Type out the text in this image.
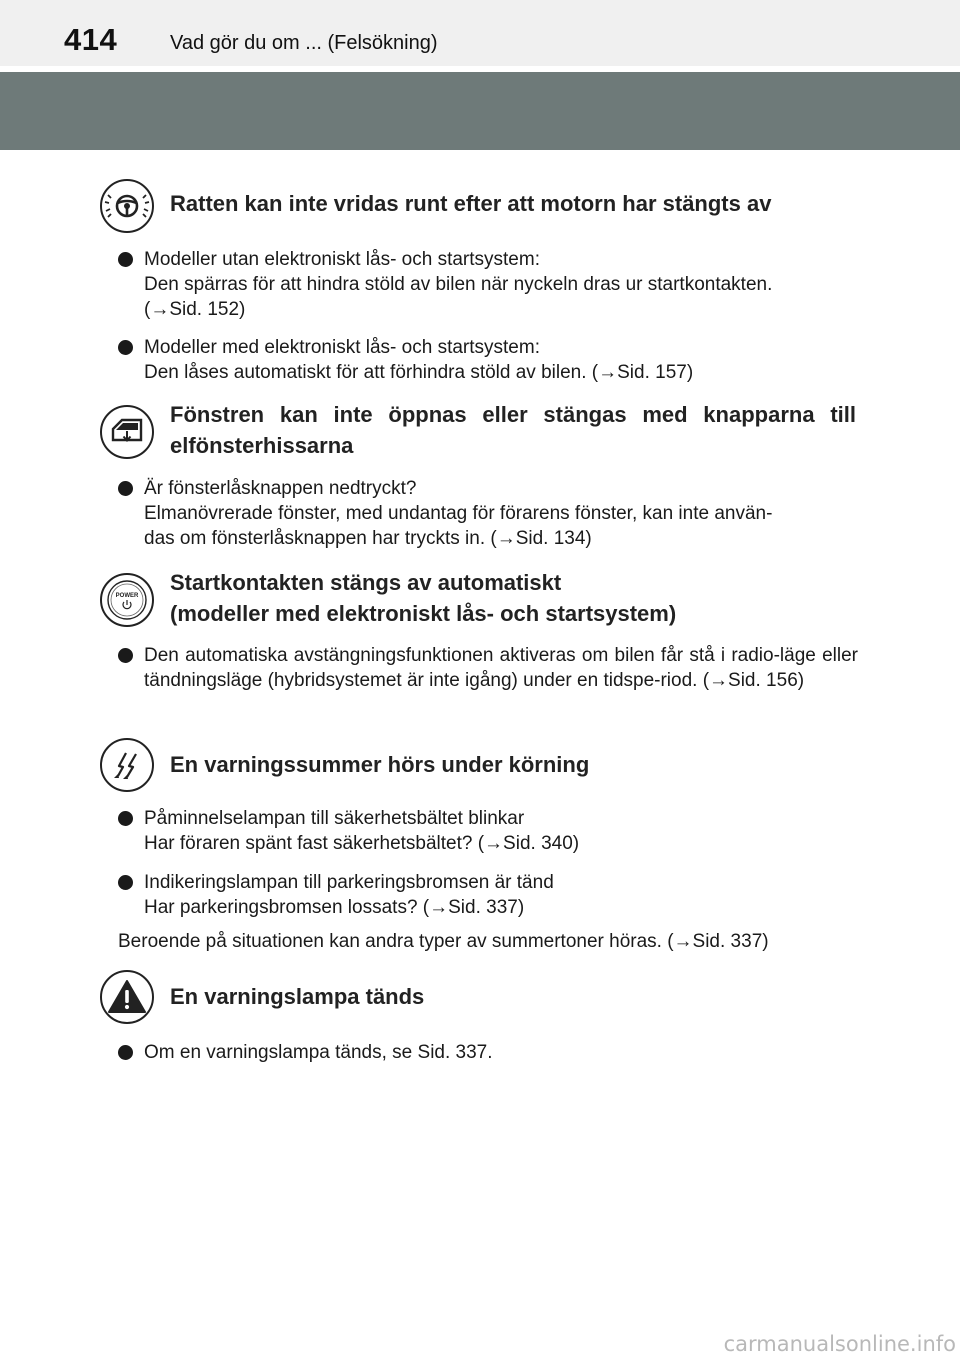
414	Vad gör du om ... (Felsökning)
Ratten kan inte vridas runt efter att motorn har stängts av
Modeller utan elektroniskt lås- och startsystem:
Den spärras för att hindra stöld av bilen när nyckeln dras ur startkontakten.
(→Sid. 152)
Modeller med elektroniskt lås- och startsystem:
Den låses automatiskt för att förhindra stöld av bilen. (→Sid. 157)
Fönstren kan inte öppnas eller stängas med knapparna till elfönsterhissarna
Är fönsterlåsknappen nedtryckt?
Elmanövrerade fönster, med undantag för förarens fönster, kan inte använ-
das om fönsterlåsknappen har tryckts in. (→Sid. 134)
POWER
Startkontakten stängs av automatiskt
(modeller med elektroniskt lås- och startsystem)
Den automatiska avstängningsfunktionen aktiveras om bilen får stå i radio-läge eller tändningsläge (hybridsystemet är inte igång) under en tidspe-riod. (→Sid. 156)
En varningssummer hörs under körning
Påminnelselampan till säkerhetsbältet blinkar
Har föraren spänt fast säkerhetsbältet? (→Sid. 340)
Indikeringslampan till parkeringsbromsen är tänd
Har parkeringsbromsen lossats? (→Sid. 337)
Beroende på situationen kan andra typer av summertoner höras. (→Sid. 337)
En varningslampa tänds
Om en varningslampa tänds, se Sid. 337.
carmanualsonline.info
